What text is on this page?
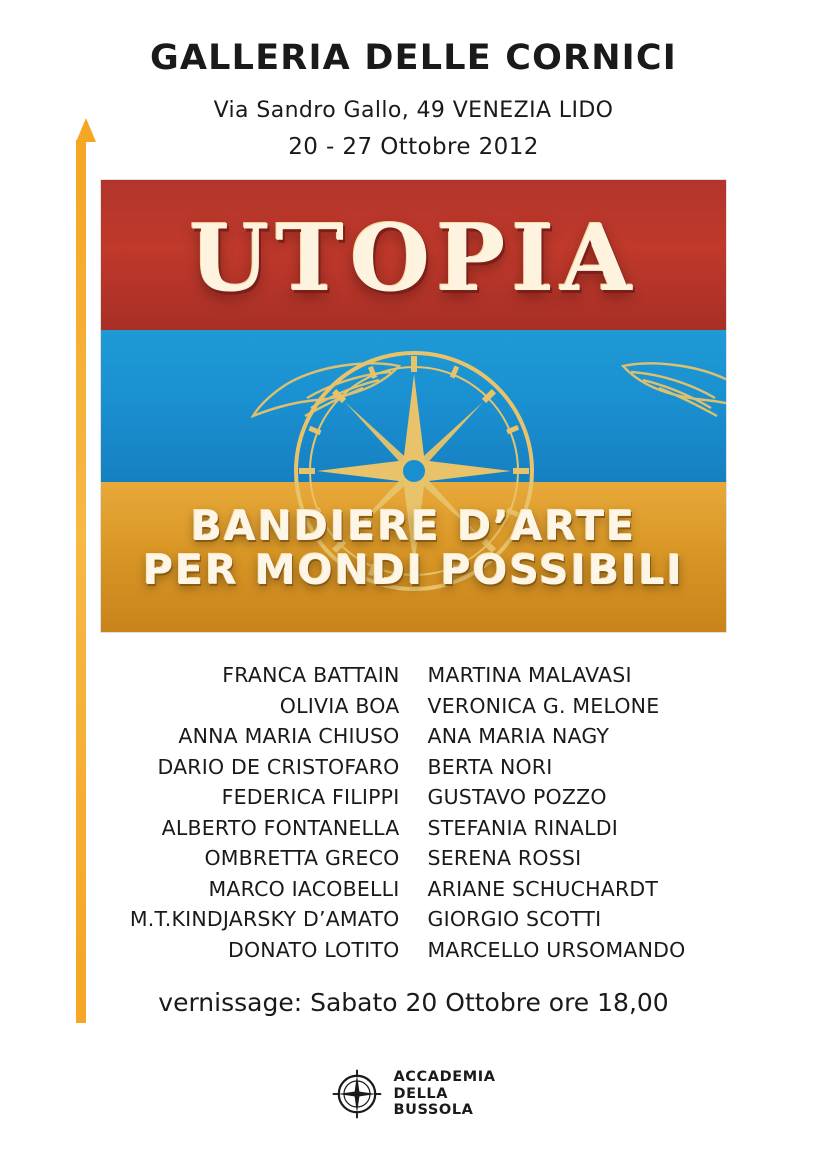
GALLERIA DELLE CORNICI
Via Sandro Gallo, 49 VENEZIA LIDO
20 - 27 Ottobre 2012
UTOPIA
BANDIERE D’ARTE
PER MONDI POSSIBILI
FRANCA BATTAIN
OLIVIA BOA
ANNA MARIA CHIUSO
DARIO DE CRISTOFARO
FEDERICA FILIPPI
ALBERTO FONTANELLA
OMBRETTA GRECO
MARCO IACOBELLI
M.T.KINDJARSKY D’AMATO
DONATO LOTITO
MARTINA MALAVASI
VERONICA G. MELONE
ANA MARIA NAGY
BERTA NORI
GUSTAVO POZZO
STEFANIA RINALDI
SERENA ROSSI
ARIANE SCHUCHARDT
GIORGIO SCOTTI
MARCELLO URSOMANDO
vernissage: Sabato 20 Ottobre ore 18,00
ACCADEMIA
DELLA
BUSSOLA
